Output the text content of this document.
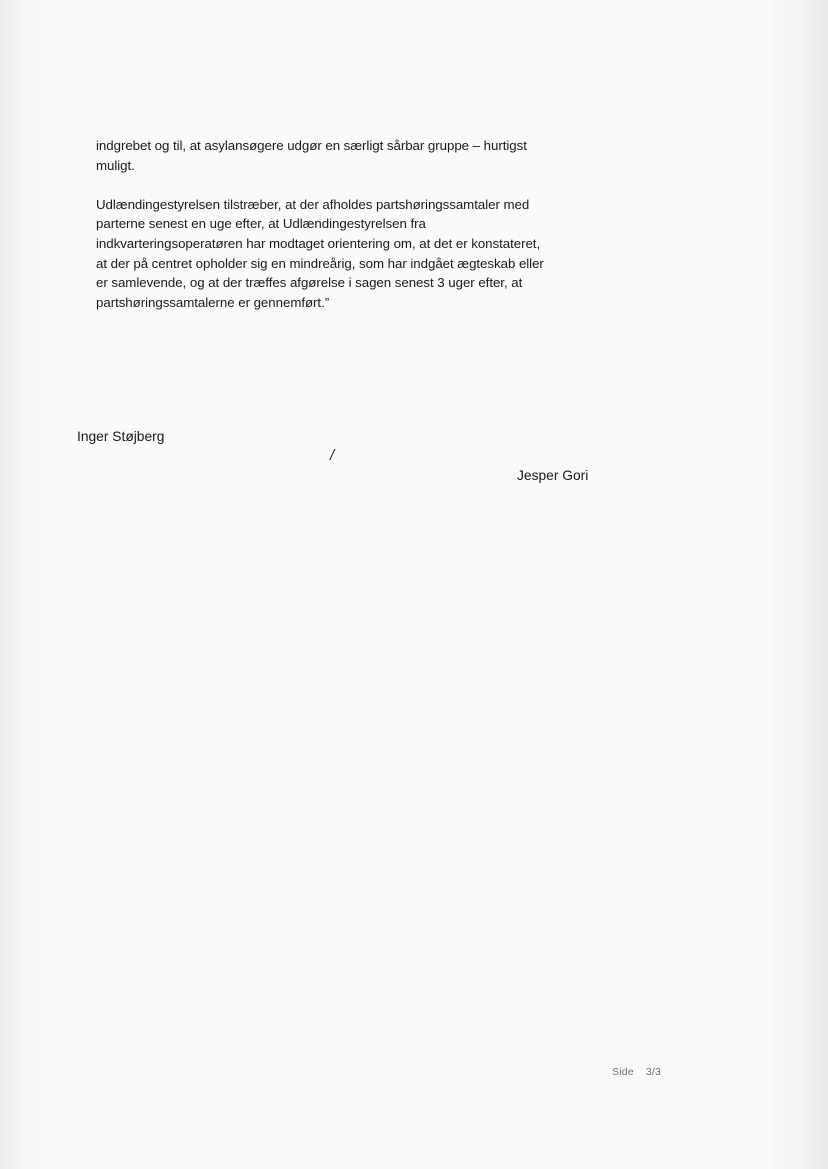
indgrebet og til, at asylansøgere udgør en særligt sårbar gruppe – hurtigst
muligt.

Udlændingestyrelsen tilstræber, at der afholdes partshøringssamtaler med
parterne senest en uge efter, at Udlændingestyrelsen fra
indkvarteringsoperatøren har modtaget orientering om, at det er konstateret,
at der på centret opholder sig en mindreårig, som har indgået ægteskab eller
er samlevende, og at der træffes afgørelse i sagen senest 3 uger efter, at
partshøringssamtalerne er gennemført.”

Inger Støjberg
/
Jesper Gori
Side 3/3
